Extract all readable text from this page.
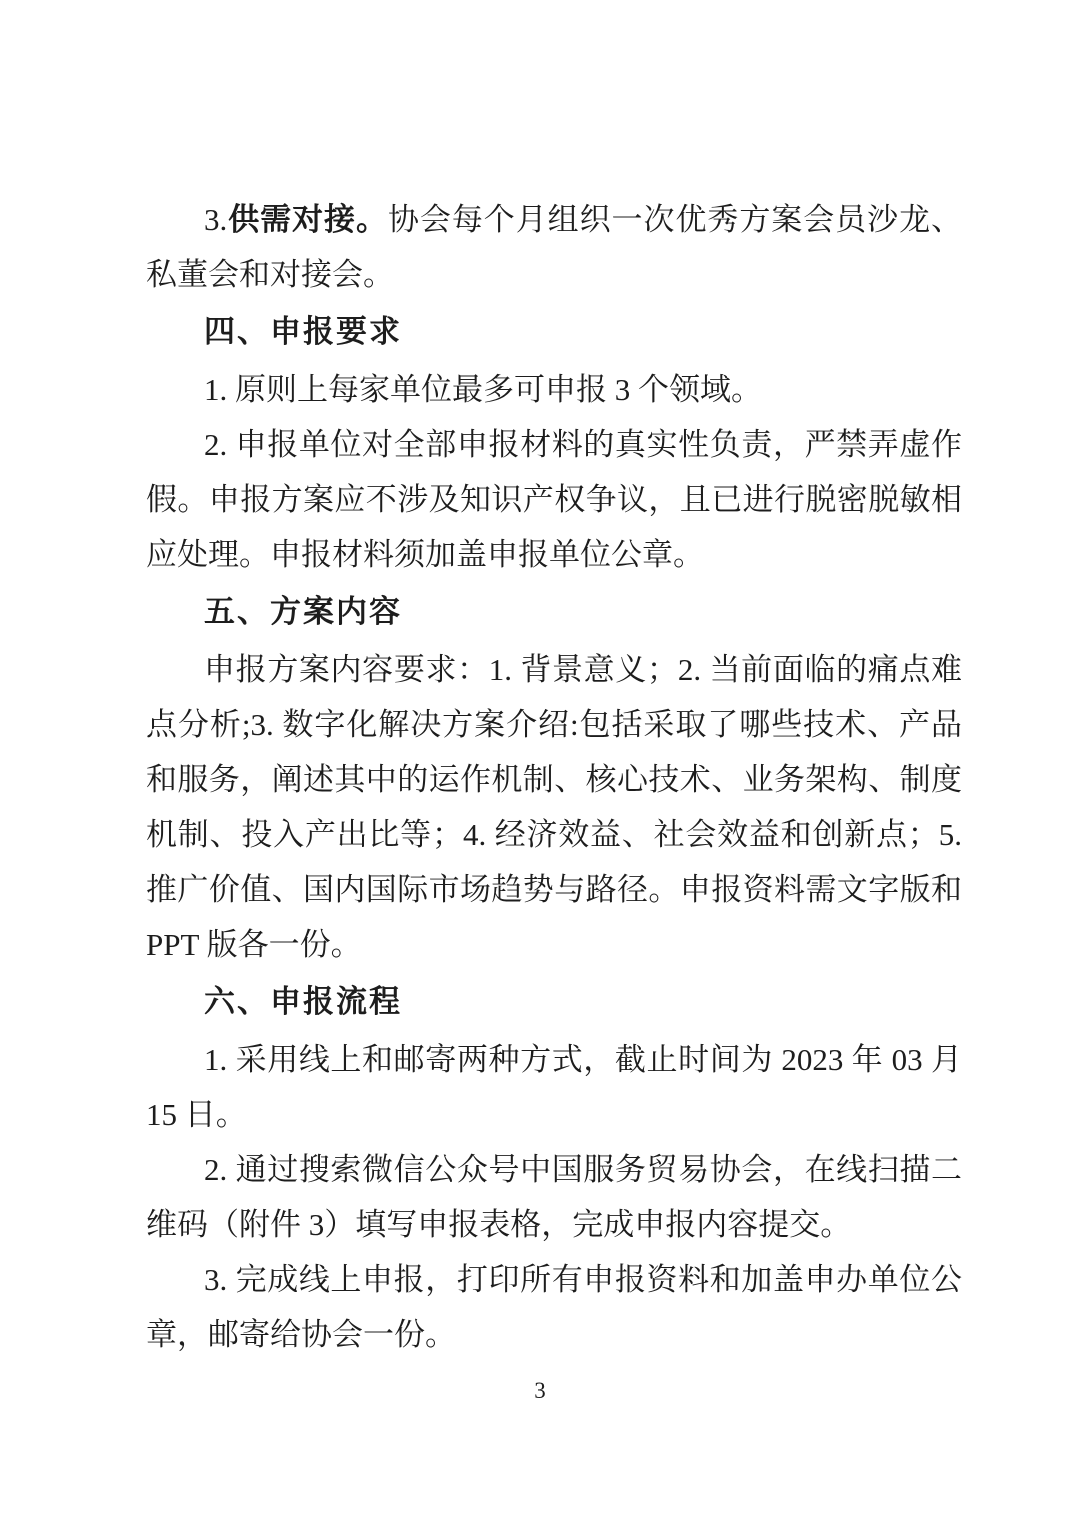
3.供需对接。协会每个月组织一次优秀方案会员沙龙、私董会和对接会。

四、申报要求

1. 原则上每家单位最多可申报 3 个领域。

2. 申报单位对全部申报材料的真实性负责，严禁弄虚作假。申报方案应不涉及知识产权争议，且已进行脱密脱敏相应处理。申报材料须加盖申报单位公章。

五、方案内容

申报方案内容要求：1. 背景意义；2. 当前面临的痛点难点分析;3. 数字化解决方案介绍:包括采取了哪些技术、产品和服务，阐述其中的运作机制、核心技术、业务架构、制度机制、投入产出比等；4. 经济效益、社会效益和创新点；5. 推广价值、国内国际市场趋势与路径。申报资料需文字版和 PPT 版各一份。

六、申报流程

1. 采用线上和邮寄两种方式，截止时间为 2023 年 03 月 15 日。

2. 通过搜索微信公众号中国服务贸易协会，在线扫描二维码（附件 3）填写申报表格，完成申报内容提交。

3. 完成线上申报，打印所有申报资料和加盖申办单位公章，邮寄给协会一份。

3
